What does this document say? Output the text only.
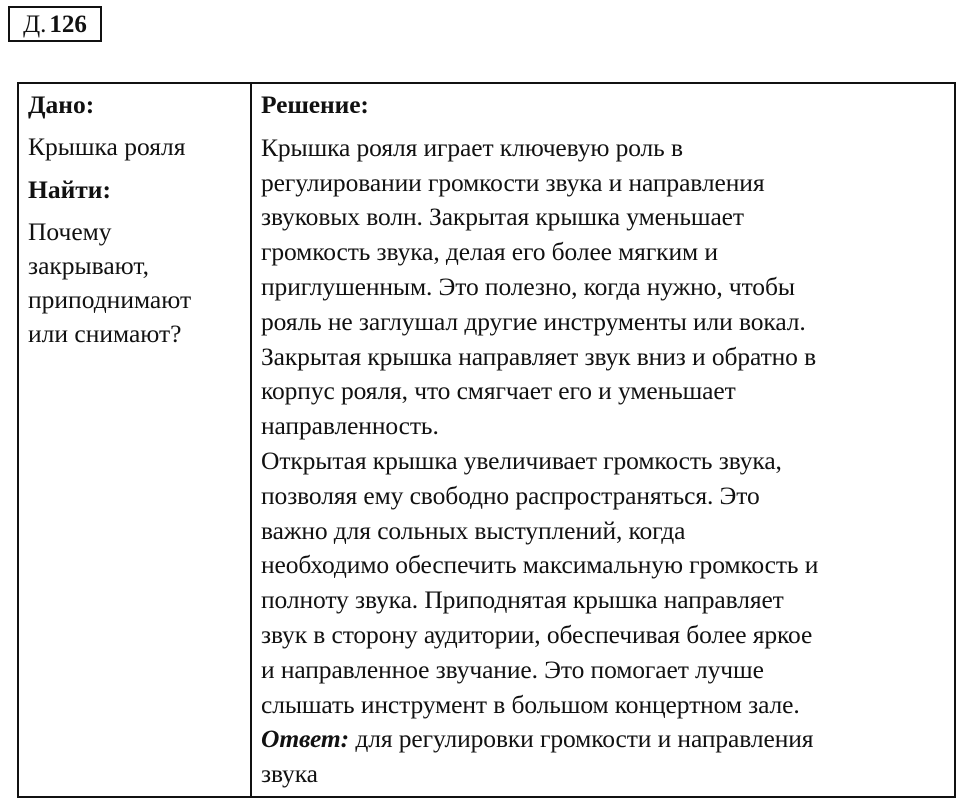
Д. 126
Дано:
Крышка рояля
Найти:
Почему
закрывают,
приподнимают
или снимают?
Решение:
Крышка рояля играет ключевую роль в
регулировании громкости звука и направления
звуковых волн. Закрытая крышка уменьшает
громкость звука, делая его более мягким и
приглушенным. Это полезно, когда нужно, чтобы
рояль не заглушал другие инструменты или вокал.
Закрытая крышка направляет звук вниз и обратно в
корпус рояля, что смягчает его и уменьшает
направленность.
Открытая крышка увеличивает громкость звука,
позволяя ему свободно распространяться. Это
важно для сольных выступлений, когда
необходимо обеспечить максимальную громкость и
полноту звука. Приподнятая крышка направляет
звук в сторону аудитории, обеспечивая более яркое
и направленное звучание. Это помогает лучше
слышать инструмент в большом концертном зале.
Ответ: для регулировки громкости и направления
звука
